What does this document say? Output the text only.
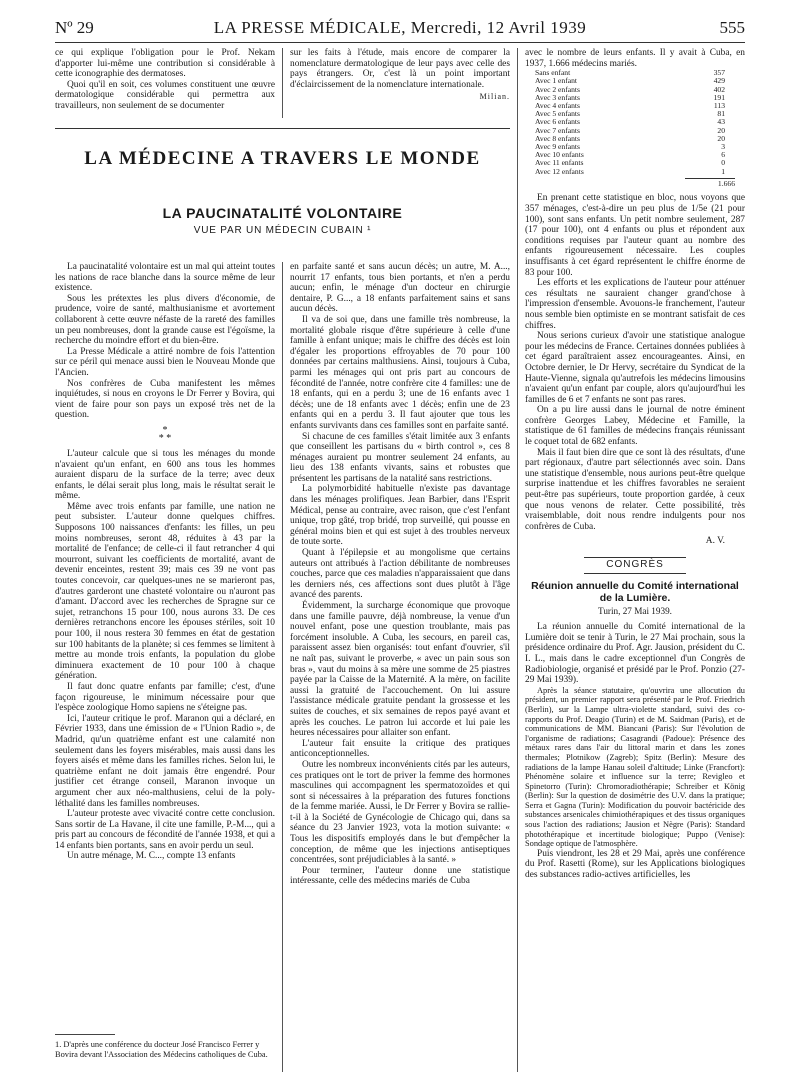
Nº 29	LA PRESSE MÉDICALE, Mercredi, 12 Avril 1939	555

ce qui explique l'obligation pour le Prof. Nekam d'apporter lui-même une contribution si considérable à cette iconographie des dermatoses.

Quoi qu'il en soit, ces volumes constituent une œuvre dermatologique considérable qui permettra aux travailleurs, non seulement de se documenter

sur les faits à l'étude, mais encore de comparer la nomenclature dermatologique de leur pays avec celle des pays étrangers. Or, c'est là un point important d'éclaircissement de la nomenclature internationale.

Milian.
LA MÉDECINE A TRAVERS LE MONDE
LA PAUCINATALITÉ VOLONTAIRE
VUE PAR UN MÉDECIN CUBAIN ¹

La paucinatalité volontaire est un mal qui atteint toutes les nations de race blanche dans la source même de leur existence.

Sous les prétextes les plus divers d'économie, de prudence, voire de santé, malthusianisme et avortement collaborent à cette œuvre néfaste de la rareté des familles un peu nombreuses, dont la grande cause est l'égoïsme, la recherche du moindre effort et du bien-être.

La Presse Médicale a attiré nombre de fois l'attention sur ce péril qui menace aussi bien le Nouveau Monde que l'Ancien.

Nos confrères de Cuba manifestent les mêmes inquiétudes, si nous en croyons le Dr Ferrer y Bovira, qui vient de faire pour son pays un exposé très net de la question.

*
* *

L'auteur calcule que si tous les ménages du monde n'avaient qu'un enfant, en 600 ans tous les hommes auraient disparu de la surface de la terre; avec deux enfants, le délai serait plus long, mais le résultat serait le même.

Même avec trois enfants par famille, une nation ne peut subsister. L'auteur donne quelques chiffres. Supposons 100 naissances d'enfants: les filles, un peu moins nombreuses, seront 48, réduites à 43 par la mortalité de l'enfance; de celle-ci il faut retrancher 4 qui mourront, suivant les coefficients de mortalité, avant de devenir enceintes, restent 39; mais ces 39 ne vont pas toutes concevoir, car quelques-unes ne se marieront pas, d'autres garderont une chasteté volontaire ou n'auront pas d'amant. D'accord avec les recherches de Spragne sur ce sujet, retranchons 15 pour 100, nous aurons 33. De ces dernières retranchons encore les épouses stériles, soit 10 pour 100, il nous restera 30 femmes en état de gestation sur 100 habitants de la planète; si ces femmes se limitent à mettre au monde trois enfants, la population du globe diminuera exactement de 10 pour 100 à chaque génération.

Il faut donc quatre enfants par famille; c'est, d'une façon rigoureuse, le minimum nécessaire pour que l'espèce zoologique Homo sapiens ne s'éteigne pas.

Ici, l'auteur critique le prof. Maranon qui a déclaré, en Février 1933, dans une émission de « l'Union Radio », de Madrid, qu'un quatrième enfant est une calamité non seulement dans les foyers misérables, mais aussi dans les foyers aisés et même dans les familles riches. Selon lui, le quatrième enfant ne doit jamais être engendré. Pour justifier cet étrange conseil, Maranon invoque un argument cher aux néo-malthusiens, celui de la poly-léthalité dans les familles nombreuses.

L'auteur proteste avec vivacité contre cette conclusion. Sans sortir de La Havane, il cite une famille, P.-M..., qui a pris part au concours de fécondité de l'année 1938, et qui a 14 enfants bien portants, sans en avoir perdu un seul.

Un autre ménage, M. C..., compte 13 enfants

en parfaite santé et sans aucun décès; un autre, M. A..., nourrit 17 enfants, tous bien portants, et n'en a perdu aucun; enfin, le ménage d'un docteur en chirurgie dentaire, P. G..., a 18 enfants parfaitement sains et sans aucun décès.

Il va de soi que, dans une famille très nombreuse, la mortalité globale risque d'être supérieure à celle d'une famille à enfant unique; mais le chiffre des décès est loin d'égaler les proportions effroyables de 70 pour 100 données par certains malthusiens. Ainsi, toujours à Cuba, parmi les ménages qui ont pris part au concours de fécondité de l'année, notre confrère cite 4 familles: une de 18 enfants, qui en a perdu 3; une de 16 enfants avec 1 décès; une de 18 enfants avec 1 décès; enfin une de 23 enfants qui en a perdu 3. Il faut ajouter que tous les enfants survivants dans ces familles sont en parfaite santé.

Si chacune de ces familles s'était limitée aux 3 enfants que conseillent les partisans du « birth control », ces 8 ménages auraient pu montrer seulement 24 enfants, au lieu des 138 enfants vivants, sains et robustes que présentent les partisans de la natalité sans restrictions.

La polymorbidité habituelle n'existe pas davantage dans les ménages prolifiques. Jean Barbier, dans l'Esprit Médical, pense au contraire, avec raison, que c'est l'enfant unique, trop gâté, trop bridé, trop surveillé, qui pousse en général moins bien et qui est sujet à des troubles nerveux de toute sorte.

Quant à l'épilepsie et au mongolisme que certains auteurs ont attribués à l'action débilitante de nombreuses couches, parce que ces maladies n'apparaissaient que dans les derniers nés, ces affections sont dues plutôt à l'âge avancé des parents.

Évidemment, la surcharge économique que provoque dans une famille pauvre, déjà nombreuse, la venue d'un nouvel enfant, pose une question troublante, mais pas forcément insoluble. A Cuba, les secours, en pareil cas, paraissent assez bien organisés: tout enfant d'ouvrier, s'il ne naît pas, suivant le proverbe, « avec un pain sous son bras », vaut du moins à sa mère une somme de 25 piastres payée par la Caisse de la Maternité. A la mère, on facilite aussi la gratuité de l'accouchement. On lui assure l'assistance médicale gratuite pendant la grossesse et les suites de couches, et six semaines de repos payé avant et après les couches. Le patron lui accorde et lui paie les heures nécessaires pour allaiter son enfant.

L'auteur fait ensuite la critique des pratiques anticonceptionnelles.

Outre les nombreux inconvénients cités par les auteurs, ces pratiques ont le tort de priver la femme des hormones masculines qui accompagnent les spermatozoïdes et qui sont si nécessaires à la préparation des futures fonctions de la femme mariée. Aussi, le Dr Ferrer y Bovira se rallie-t-il à la Société de Gynécologie de Chicago qui, dans sa séance du 23 Janvier 1923, vota la motion suivante: « Tous les dispositifs employés dans le but d'empêcher la conception, de même que les injections antiseptiques concentrées, sont préjudiciables à la santé. »

Pour terminer, l'auteur donne une statistique intéressante, celle des médecins mariés de Cuba

avec le nombre de leurs enfants. Il y avait à Cuba, en 1937, 1.666 médecins mariés.

Sans enfant	357
Avec 1 enfant	429
Avec 2 enfants	402
Avec 3 enfants	191
Avec 4 enfants	113
Avec 5 enfants	81
Avec 6 enfants	43
Avec 7 enfants	20
Avec 8 enfants	20
Avec 9 enfants	3
Avec 10 enfants	6
Avec 11 enfants	0
Avec 12 enfants	1
1.666

En prenant cette statistique en bloc, nous voyons que 357 ménages, c'est-à-dire un peu plus de 1/5e (21 pour 100), sont sans enfants. Un petit nombre seulement, 287 (17 pour 100), ont 4 enfants ou plus et répondent aux conditions requises par l'auteur quant au nombre des enfants rigoureusement nécessaire. Les couples insuffisants à cet égard représentent le chiffre énorme de 83 pour 100.

Les efforts et les explications de l'auteur pour atténuer ces résultats ne sauraient changer grand'chose à l'impression d'ensemble. Avouons-le franchement, l'auteur nous semble bien optimiste en se montrant satisfait de ces chiffres.

Nous serions curieux d'avoir une statistique analogue pour les médecins de France. Certaines données publiées à cet égard paraîtraient assez encourageantes. Ainsi, en Octobre dernier, le Dr Hervy, secrétaire du Syndicat de la Haute-Vienne, signala qu'autrefois les médecins limousins n'avaient qu'un enfant par couple, alors qu'aujourd'hui les familles de 6 et 7 enfants ne sont pas rares.

On a pu lire aussi dans le journal de notre éminent confrère Georges Labey, Médecine et Famille, la statistique de 61 familles de médecins français réunissant le coquet total de 682 enfants.

Mais il faut bien dire que ce sont là des résultats, d'une part régionaux, d'autre part sélectionnés avec soin. Dans une statistique d'ensemble, nous aurions peut-être quelque surprise inattendue et les chiffres favorables ne seraient peut-être pas supérieurs, toute proportion gardée, à ceux que nous venons de relater. Cette possibilité, très vraisemblable, doit nous rendre indulgents pour nos confrères de Cuba.

A. V.
CONGRÈS
Réunion annuelle du Comité international de la Lumière.
Turin, 27 Mai 1939.

La réunion annuelle du Comité international de la Lumière doit se tenir à Turin, le 27 Mai prochain, sous la présidence ordinaire du Prof. Agr. Jausion, président du C. I. L., mais dans le cadre exceptionnel d'un Congrès de Radiobiologie, organisé et présidé par le Prof. Ponzio (27-29 Mai 1939).

Après la séance statutaire, qu'ouvrira une allocution du président, un premier rapport sera présenté par le Prof. Friedrich (Berlin), sur la Lampe ultra-violette standard, suivi des co-rapports du Prof. Deagio (Turin) et de M. Saidman (Paris), et de communications de MM. Biancani (Paris): Sur l'évolution de l'organisme de radiations; Casagrandi (Padoue): Présence des métaux rares dans l'air du littoral marin et dans les zones thermales; Plotnikow (Zagreb); Spitz (Berlin): Mesure des radiations de la lampe Hanau soleil d'altitude; Linke (Francfort): Phénomène solaire et influence sur la terre; Revigleo et Spinetorro (Turin): Chromoradiothérapie; Schreiber et König (Berlin): Sur la question de dosimétrie des U.V. dans la pratique; Serra et Gagna (Turin): Modification du pouvoir bactéricide des substances arsenicales chimiothérapiques et des tissus organiques sous l'action des radiations; Jausion et Nègre (Paris): Standard photothérapique et incertitude biologique; Puppo (Venise): Sondage optique de l'atmosphère.

Puis viendront, les 28 et 29 Mai, après une conférence du Prof. Rasetti (Rome), sur les Applications biologiques des substances radio-actives artificielles, les

1. D'après une conférence du docteur José Francisco Ferrer y Bovira devant l'Association des Médecins catholiques de Cuba.
